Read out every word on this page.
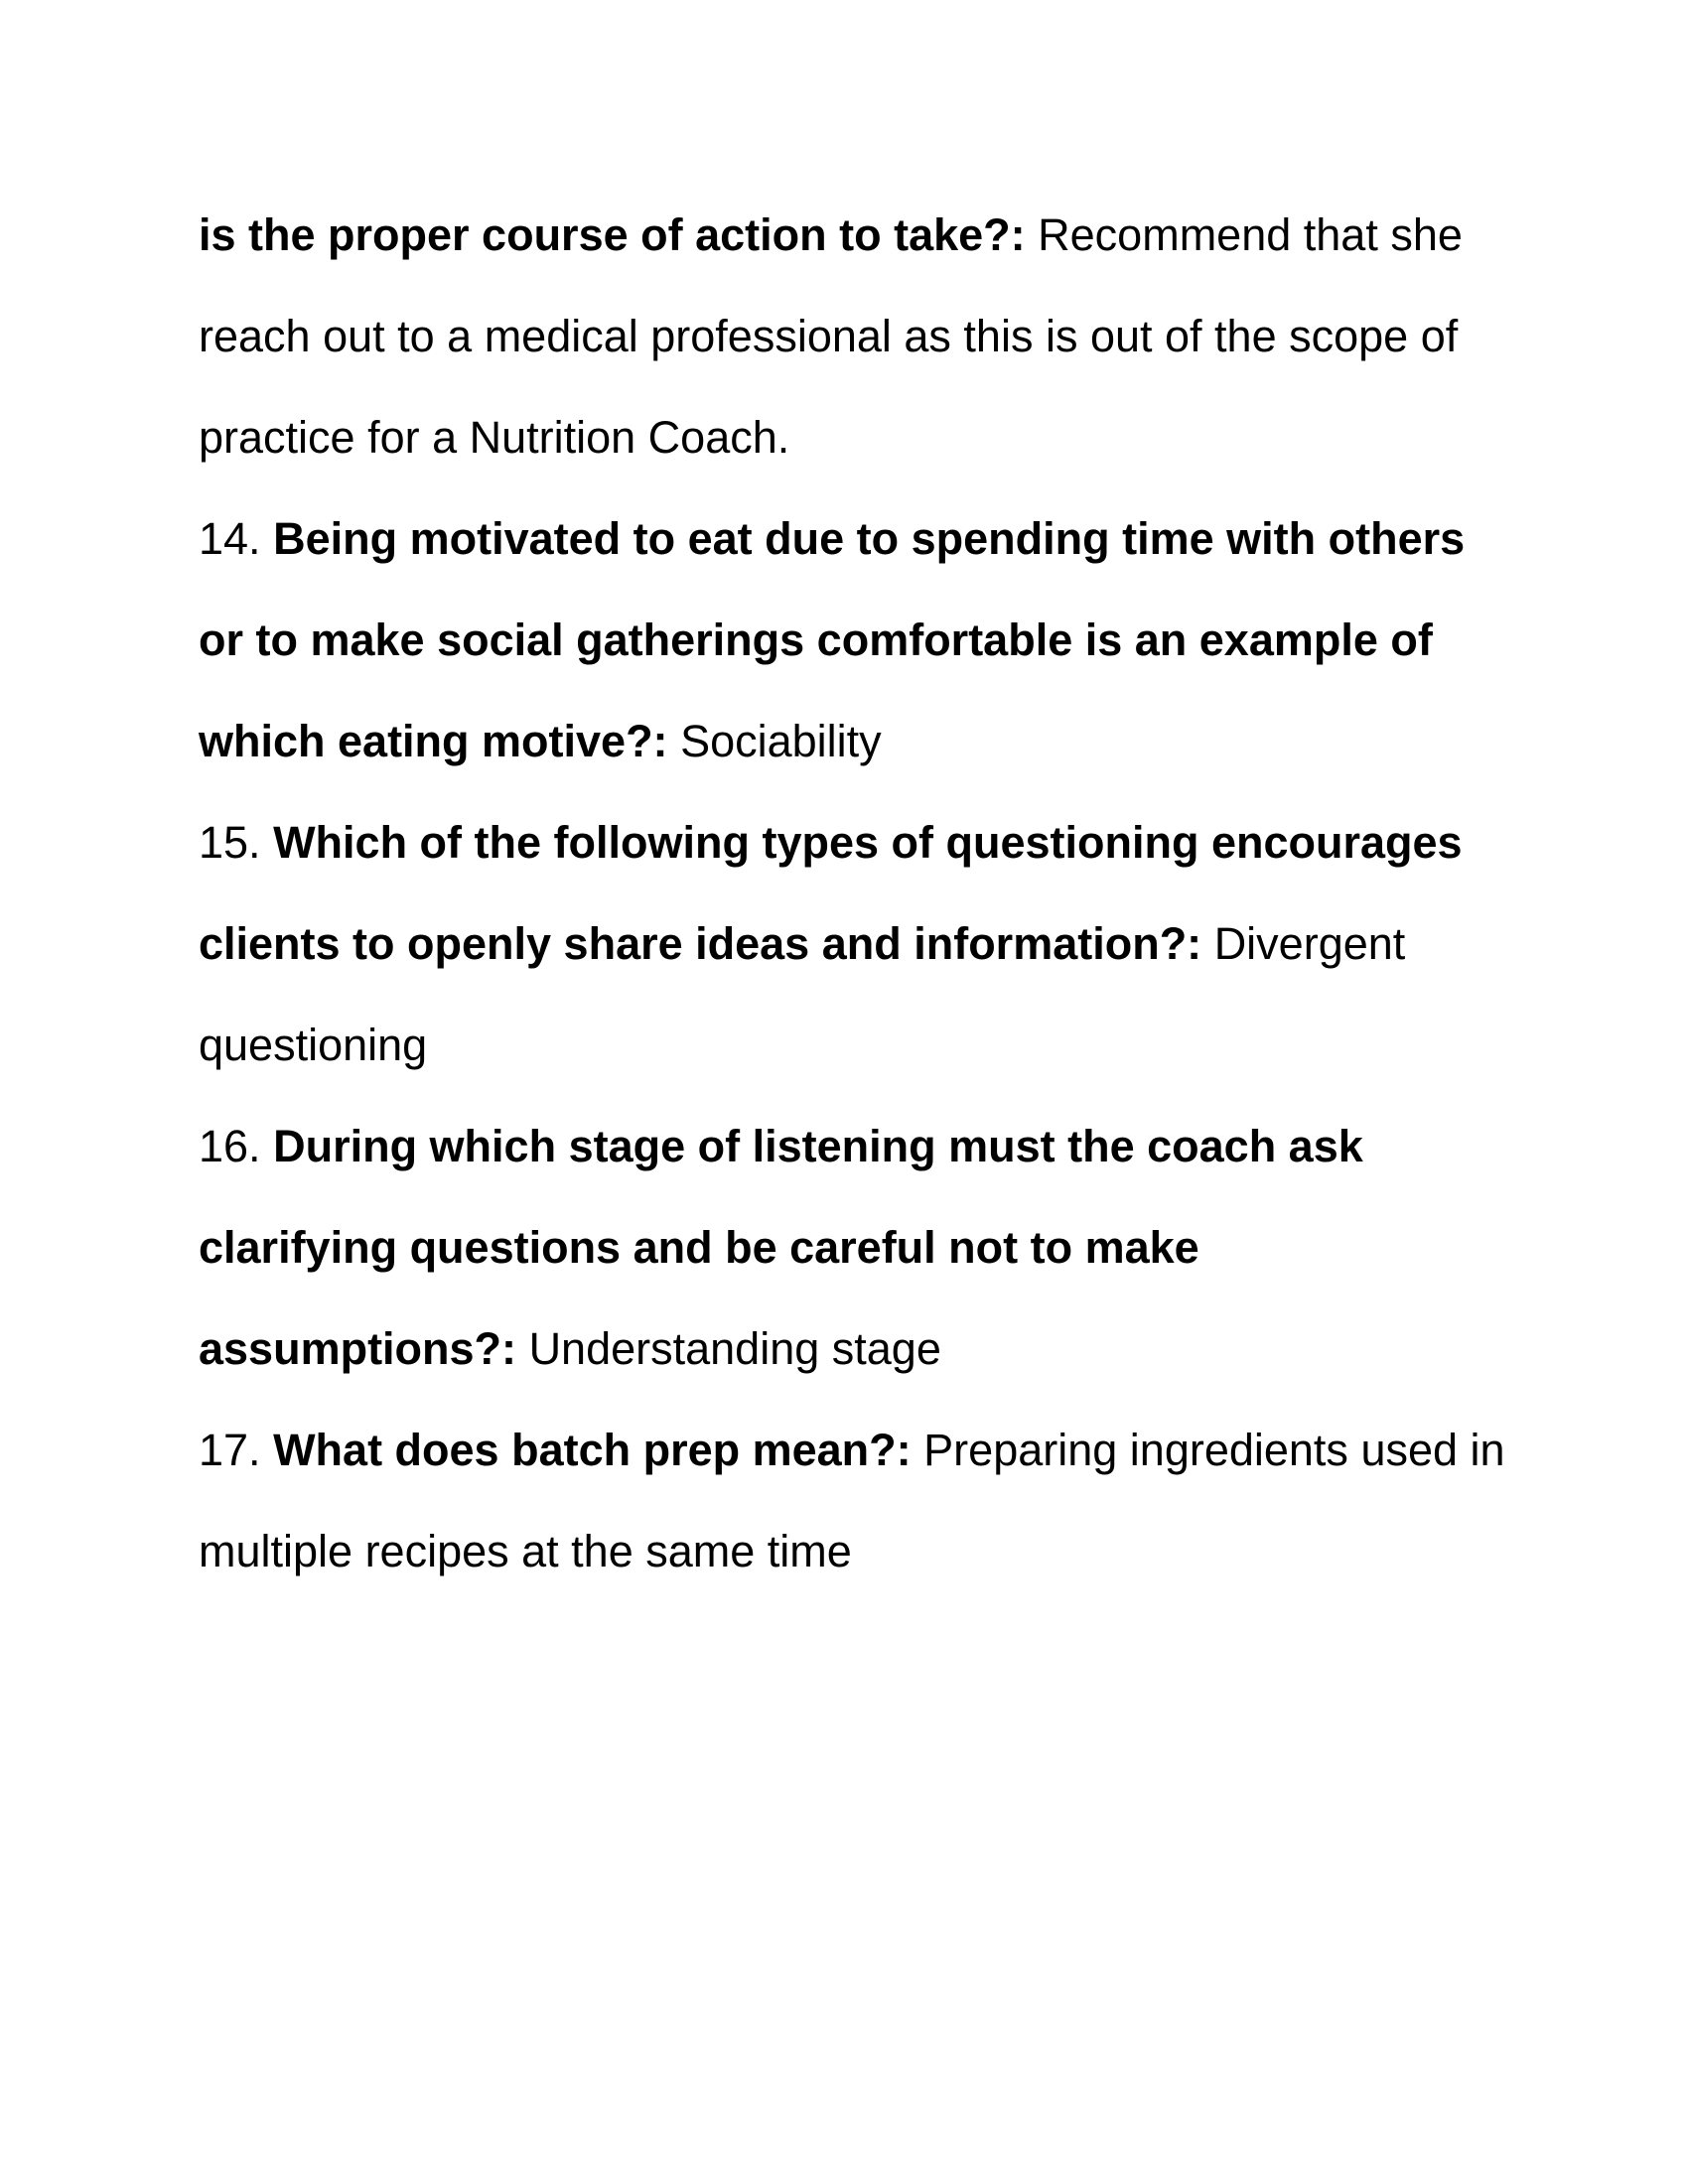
is the proper course of action to take?: Recommend that she reach out to a medical professional as this is out of the scope of practice for a Nutrition Coach.

14. Being motivated to eat due to spending time with others or to make social gatherings comfortable is an example of which eating motive?: Sociability

15. Which of the following types of questioning encourages clients to openly share ideas and information?: Divergent questioning

16. During which stage of listening must the coach ask clarifying questions and be careful not to make assumptions?: Understanding stage

17. What does batch prep mean?: Preparing ingredients used in multiple recipes at the same time
